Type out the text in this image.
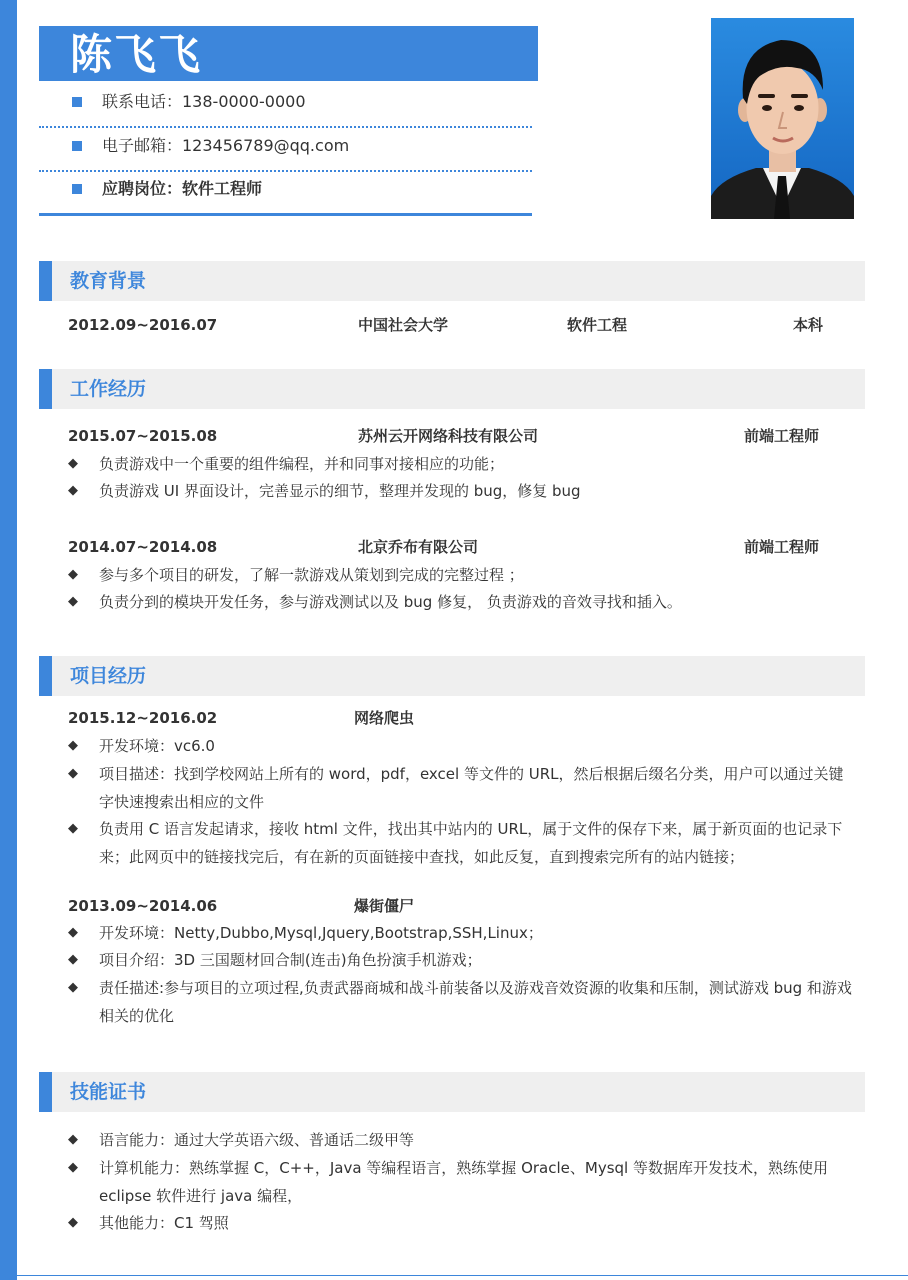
陈飞飞
联系电话：138-0000-0000
电子邮箱：123456789@qq.com
应聘岗位：软件工程师
教育背景
2012.09~2016.07	中国社会大学	软件工程	本科
工作经历
2015.07~2015.08	苏州云开网络科技有限公司	前端工程师
◆ 负责游戏中一个重要的组件编程，并和同事对接相应的功能；
◆ 负责游戏 UI 界面设计，完善显示的细节，整理并发现的 bug，修复 bug
2014.07~2014.08	北京乔布有限公司	前端工程师
◆ 参与多个项目的研发，了解一款游戏从策划到完成的完整过程 ；
◆ 负责分到的模块开发任务，参与游戏测试以及 bug 修复， 负责游戏的音效寻找和插入。
项目经历
2015.12~2016.02	网络爬虫
◆ 开发环境：vc6.0
◆ 项目描述：找到学校网站上所有的 word，pdf，excel 等文件的 URL，然后根据后缀名分类，用户可以通过关键字快速搜索出相应的文件
◆ 负责用 C 语言发起请求，接收 html 文件，找出其中站内的 URL，属于文件的保存下来，属于新页面的也记录下来；此网页中的链接找完后，有在新的页面链接中查找，如此反复，直到搜索完所有的站内链接；
2013.09~2014.06	爆街僵尸
◆ 开发环境：Netty,Dubbo,Mysql,Jquery,Bootstrap,SSH,Linux；
◆ 项目介绍：3D 三国题材回合制(连击)角色扮演手机游戏；
◆ 责任描述:参与项目的立项过程,负责武器商城和战斗前装备以及游戏音效资源的收集和压制，测试游戏 bug 和游戏相关的优化
技能证书
◆ 语言能力：通过大学英语六级、普通话二级甲等
◆ 计算机能力：熟练掌握 C，C++，Java 等编程语言，熟练掌握 Oracle、Mysql 等数据库开发技术，熟练使用 eclipse 软件进行 java 编程，
◆ 其他能力：C1 驾照
